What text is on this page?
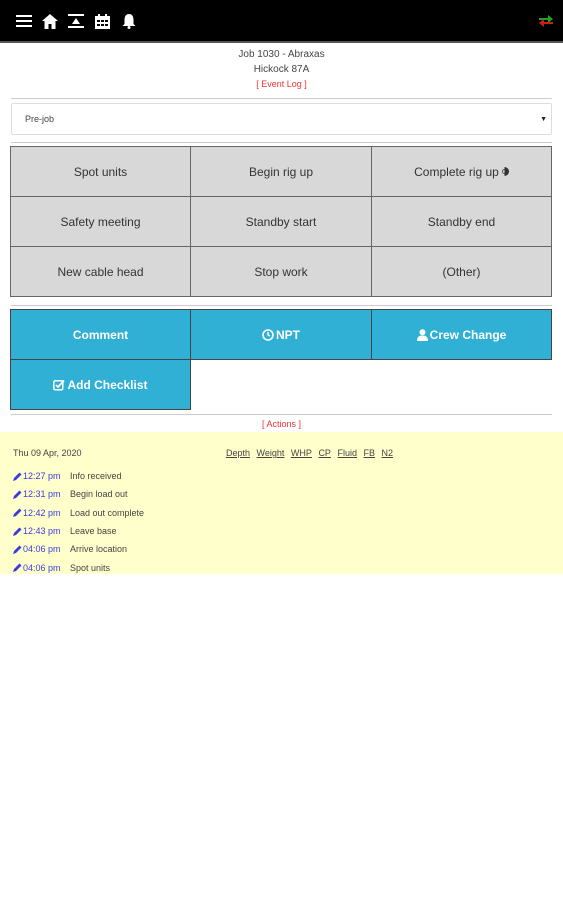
Job 1030 - Abraxas
Hickock 87A
[ Event Log ]
Pre-job	▼
Spot units	Begin rig up	Complete rig up
Safety meeting	Standby start	Standby end
New cable head	Stop work	(Other)
Comment	NPT	Crew Change
Add Checklist
[ Actions ]
Thu 09 Apr, 2020	Depth Weight WHP CP Fluid FB N2
12:27 pm Info received
12:31 pm Begin load out
12:42 pm Load out complete
12:43 pm Leave base
04:06 pm Arrive location
04:06 pm Spot units
